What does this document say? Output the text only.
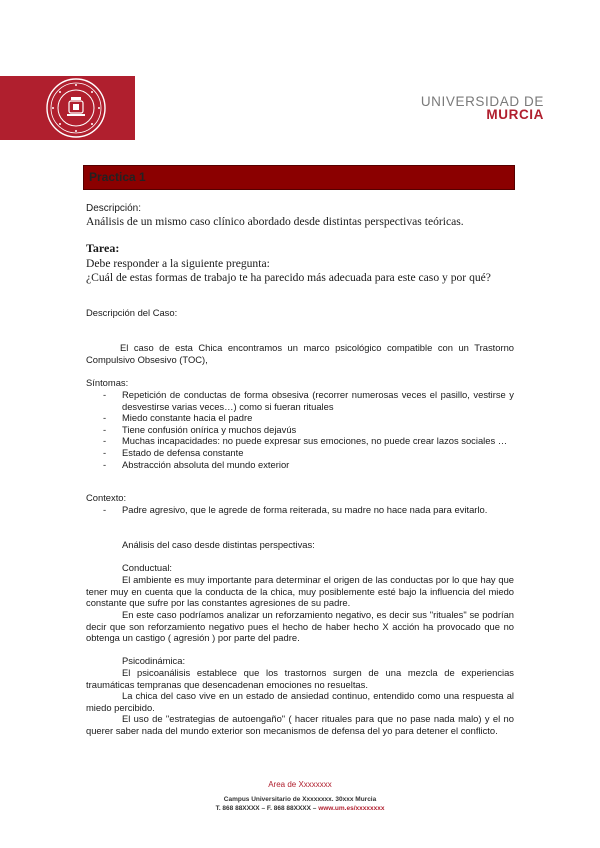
UNIVERSIDAD DE
MURCIA
Practica 1
Descripción:
Análisis de un mismo caso clínico abordado desde distintas perspectivas teóricas.
Tarea:
Debe responder a la siguiente pregunta:
¿Cuál de estas formas de trabajo te ha parecido más adecuada para este caso y por qué?
Descripción del Caso:
El caso de esta Chica encontramos un marco psicológico compatible con un Trastorno Compulsivo Obsesivo (TOC),
Síntomas:
- Repetición de conductas de forma obsesiva (recorrer numerosas veces el pasillo, vestirse y desvestirse varias veces…) como si fueran rituales
- Miedo constante hacia el padre
- Tiene confusión onírica y muchos dejavús
- Muchas incapacidades: no puede expresar sus emociones, no puede crear lazos sociales …
- Estado de defensa constante
- Abstracción absoluta del mundo exterior
Contexto:
- Padre agresivo, que le agrede de forma reiterada, su madre no hace nada para evitarlo.
Análisis del caso desde distintas perspectivas:
Conductual:
El ambiente es muy importante para determinar el origen de las conductas por lo que hay que tener muy en cuenta que la conducta de la chica, muy posiblemente esté bajo la influencia del miedo constante que sufre por las constantes agresiones de su padre.
En este caso podríamos analizar un reforzamiento negativo, es decir sus "rituales" se podrían decir que son reforzamiento negativo pues el hecho de haber hecho X acción ha provocado que no obtenga un castigo ( agresión ) por parte del padre.
Psicodinámica:
El psicoanálisis establece que los trastornos surgen de una mezcla de experiencias traumáticas tempranas que desencadenan emociones no resueltas.
La chica del caso vive en un estado de ansiedad continuo, entendido como una respuesta al miedo percibido.
El uso de "estrategias de autoengaño" ( hacer rituales para que no pase nada malo) y el no querer saber nada del mundo exterior son mecanismos de defensa del yo para detener el conflicto.
Area de Xxxxxxxx
Campus Universitario de Xxxxxxxx. 30xxx Murcia
T. 868 88XXXX – F. 868 88XXXX – www.um.es/xxxxxxxx
